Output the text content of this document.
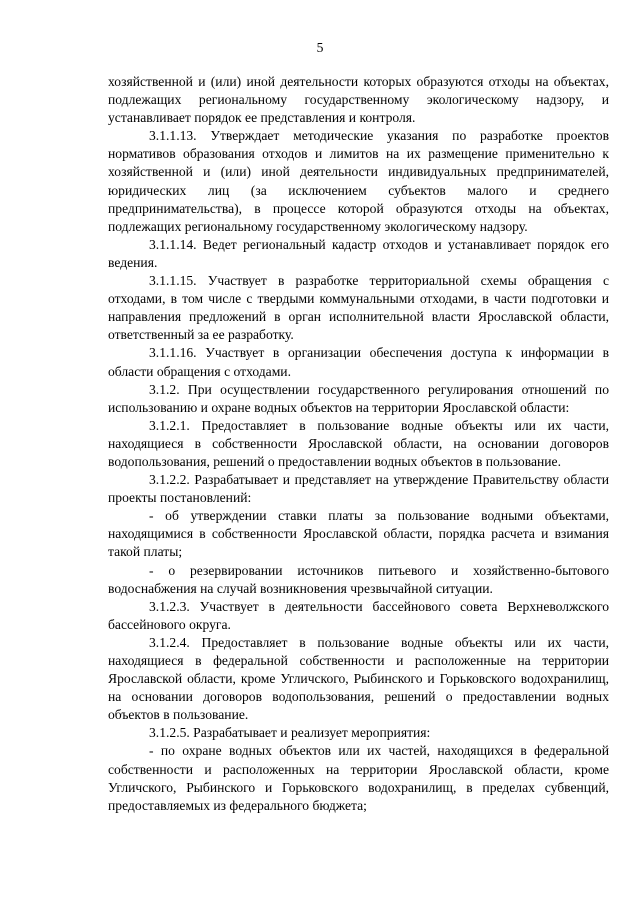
5

хозяйственной и (или) иной деятельности которых образуются отходы на объектах, подлежащих региональному государственному экологическому надзору, и устанавливает порядок ее представления и контроля.

3.1.1.13. Утверждает методические указания по разработке проектов нормативов образования отходов и лимитов на их размещение применительно к хозяйственной и (или) иной деятельности индивидуальных предпринимателей, юридических лиц (за исключением субъектов малого и среднего предпринимательства), в процессе которой образуются отходы на объектах, подлежащих региональному государственному экологическому надзору.

3.1.1.14. Ведет региональный кадастр отходов и устанавливает порядок его ведения.

3.1.1.15. Участвует в разработке территориальной схемы обращения с отходами, в том числе с твердыми коммунальными отходами, в части подготовки и направления предложений в орган исполнительной власти Ярославской области, ответственный за ее разработку.

3.1.1.16. Участвует в организации обеспечения доступа к информации в области обращения с отходами.

3.1.2. При осуществлении государственного регулирования отношений по использованию и охране водных объектов на территории Ярославской области:

3.1.2.1. Предоставляет в пользование водные объекты или их части, находящиеся в собственности Ярославской области, на основании договоров водопользования, решений о предоставлении водных объектов в пользование.

3.1.2.2. Разрабатывает и представляет на утверждение Правительству области проекты постановлений:

- об утверждении ставки платы за пользование водными объектами, находящимися в собственности Ярославской области, порядка расчета и взимания такой платы;

- о резервировании источников питьевого и хозяйственно-бытового водоснабжения на случай возникновения чрезвычайной ситуации.

3.1.2.3. Участвует в деятельности бассейнового совета Верхневолжского бассейнового округа.

3.1.2.4. Предоставляет в пользование водные объекты или их части, находящиеся в федеральной собственности и расположенные на территории Ярославской области, кроме Угличского, Рыбинского и Горьковского водохранилищ, на основании договоров водопользования, решений о предоставлении водных объектов в пользование.

3.1.2.5. Разрабатывает и реализует мероприятия:

- по охране водных объектов или их частей, находящихся в федеральной собственности и расположенных на территории Ярославской области, кроме Угличского, Рыбинского и Горьковского водохранилищ, в пределах субвенций, предоставляемых из федерального бюджета;
